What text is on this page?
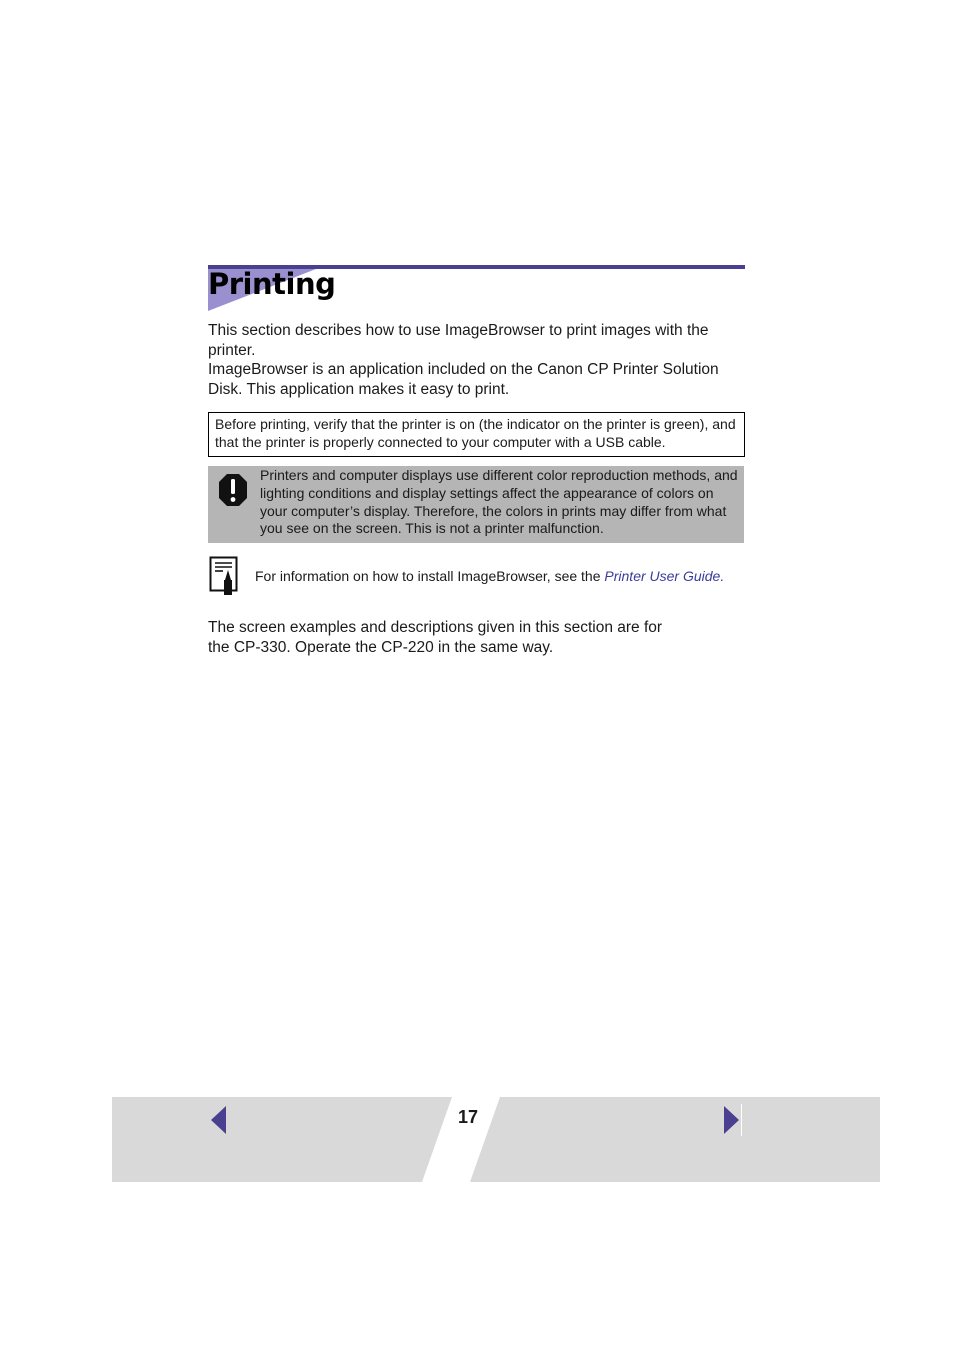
Printing

This section describes how to use ImageBrowser to print images with the printer.

ImageBrowser is an application included on the Canon CP Printer Solution Disk. This application makes it easy to print.

Before printing, verify that the printer is on (the indicator on the printer is green), and that the printer is properly connected to your computer with a USB cable.
Printers and computer displays use different color reproduction methods, and lighting conditions and display settings affect the appearance of colors on your computer’s display. Therefore, the colors in prints may differ from what you see on the screen. This is not a printer malfunction.
For information on how to install ImageBrowser, see the Printer User Guide.
The screen examples and descriptions given in this section are for
the CP-330. Operate the CP-220 in the same way.
17
